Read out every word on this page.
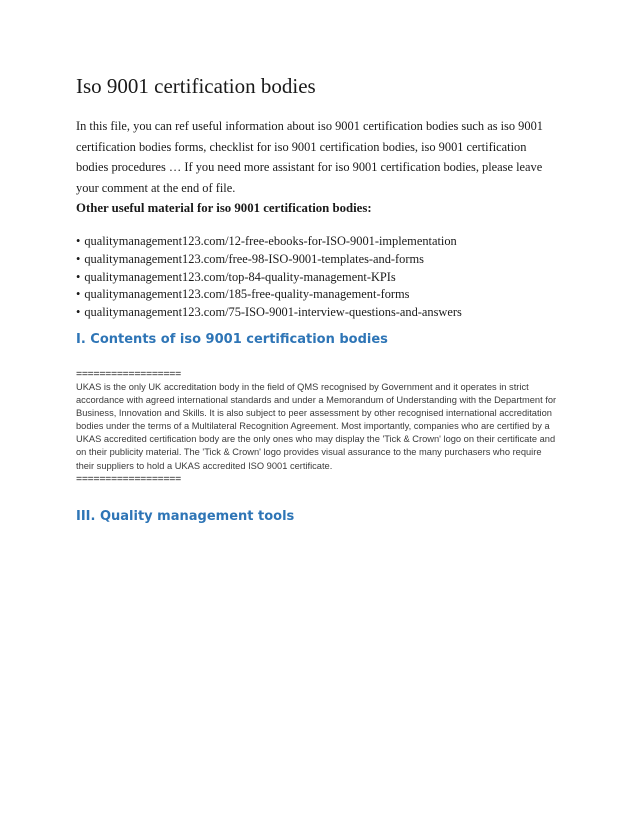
Iso 9001 certification bodies
In this file, you can ref useful information about iso 9001 certification bodies such as iso 9001
certification bodies forms, checklist for iso 9001 certification bodies, iso 9001 certification
bodies procedures … If you need more assistant for iso 9001 certification bodies, please leave
your comment at the end of file.
Other useful material for iso 9001 certification bodies:
• qualitymanagement123.com/12-free-ebooks-for-ISO-9001-implementation
• qualitymanagement123.com/free-98-ISO-9001-templates-and-forms
• qualitymanagement123.com/top-84-quality-management-KPIs
• qualitymanagement123.com/185-free-quality-management-forms
• qualitymanagement123.com/75-ISO-9001-interview-questions-and-answers
I. Contents of iso 9001 certification bodies
==================
UKAS is the only UK accreditation body in the field of QMS recognised by Government and it operates in strict
accordance with agreed international standards and under a Memorandum of Understanding with the Department for
Business, Innovation and Skills. It is also subject to peer assessment by other recognised international accreditation
bodies under the terms of a Multilateral Recognition Agreement. Most importantly, companies who are certified by a
UKAS accredited certification body are the only ones who may display the 'Tick & Crown' logo on their certificate and
on their publicity material. The 'Tick & Crown' logo provides visual assurance to the many purchasers who require
their suppliers to hold a UKAS accredited ISO 9001 certificate.
==================
III. Quality management tools
